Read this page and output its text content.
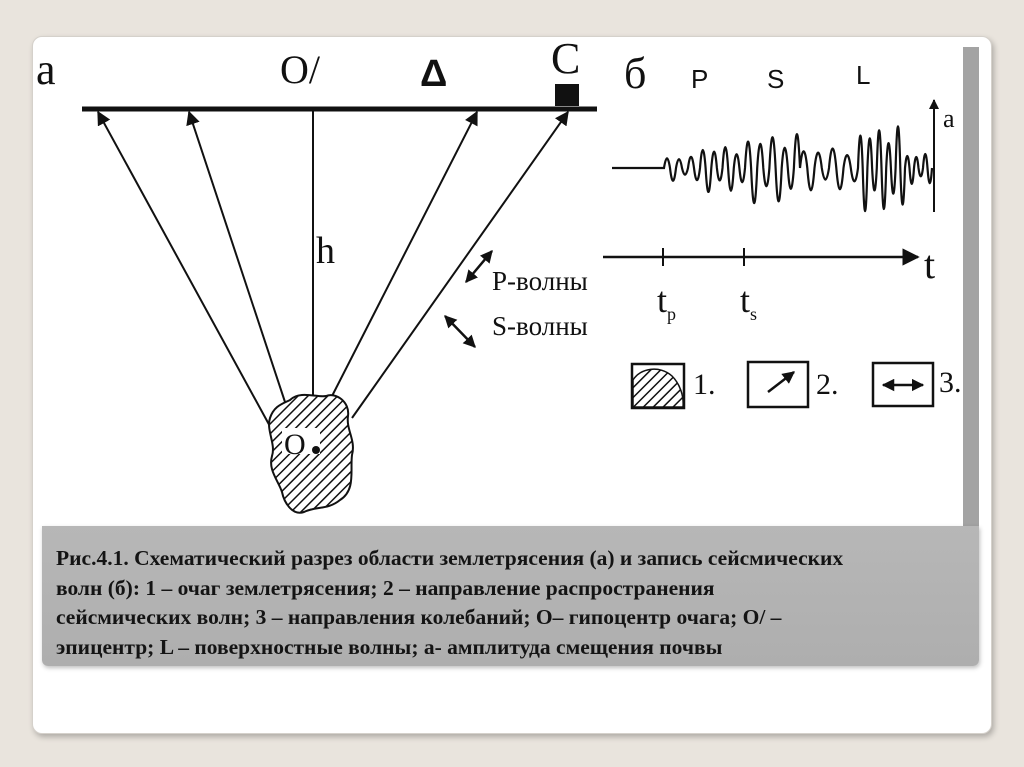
а	O/	Δ C
h
O
Р-волны
S-волны
б P S	L
a
t
$t_p$ $t_s$
1.	2.	3.
Рис.4.1. Схематический разрез области землетрясения (а) и запись сейсмических
волн (б): 1 – очаг землетрясения; 2 – направление распространения
сейсмических волн; 3 – направления колебаний; О– гипоцентр очага; О/ –
эпицентр; L – поверхностные волны; а- амплитуда смещения почвы
